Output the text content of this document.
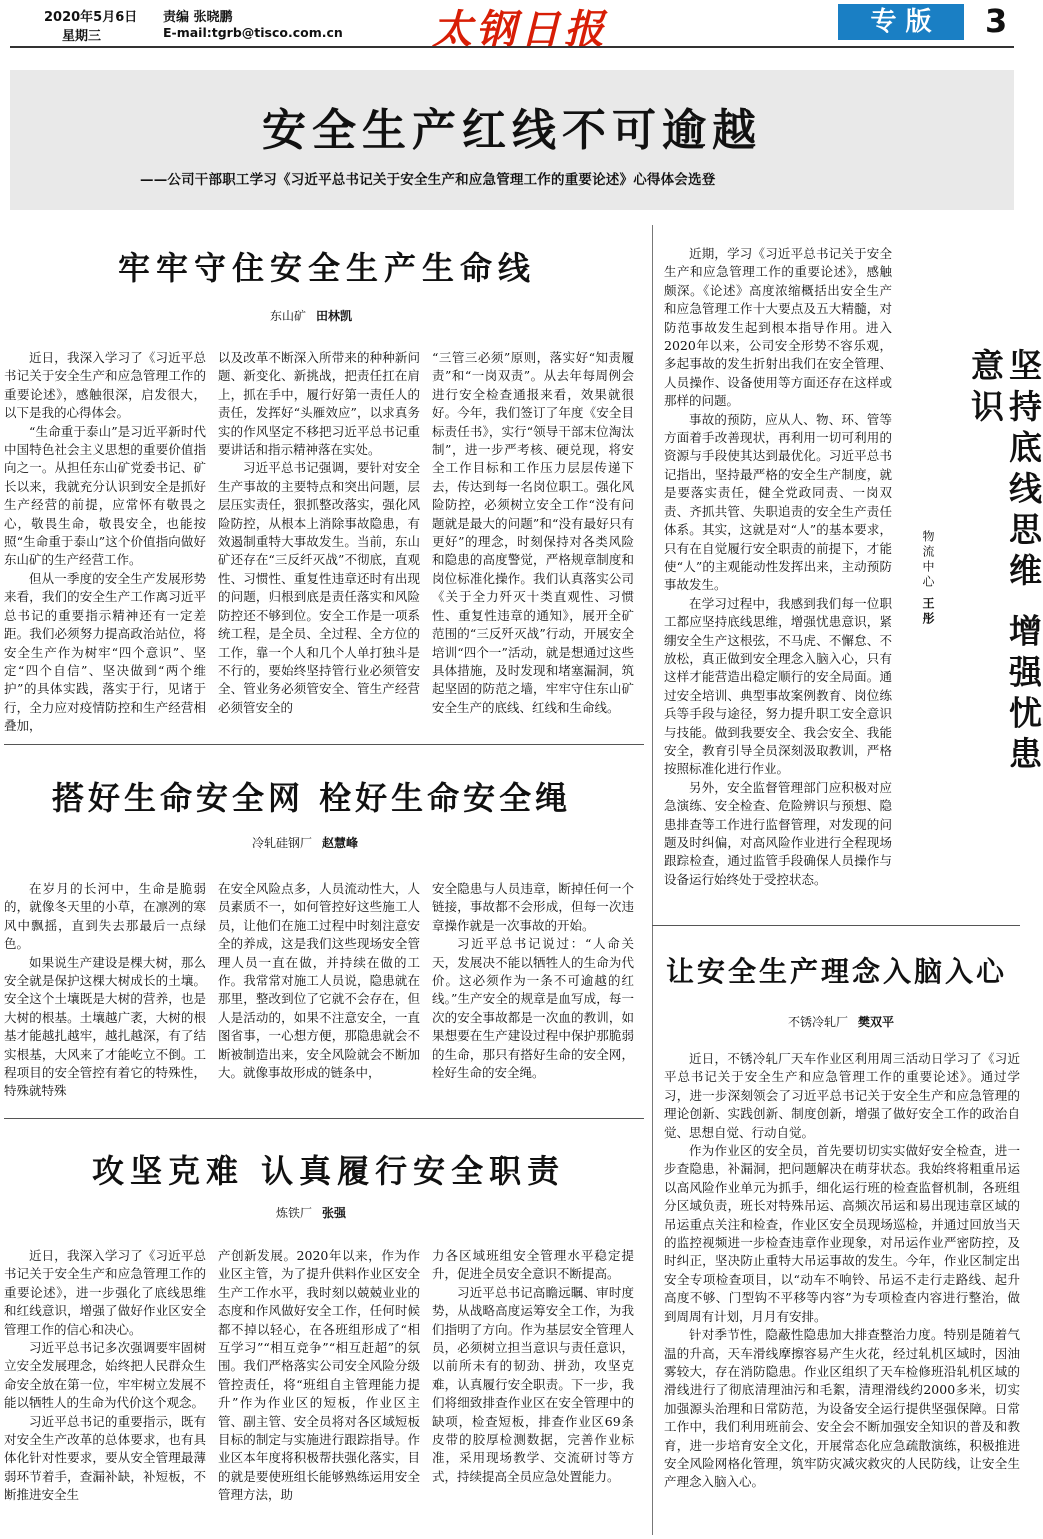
2020年5月6日
星期三
责编 张晓鹏
E-mail:tgrb@tisco.com.cn 太钢日报	专 版	3
安全生产红线不可逾越
——公司干部职工学习《习近平总书记关于安全生产和应急管理工作的重要论述》心得体会选登
牢牢守住安全生产生命线
东山矿 田林凯

近日，我深入学习了《习近平总书记关于安全生产和应急管理工作的重要论述》，感触很深，启发很大，以下是我的心得体会。

“生命重于泰山”是习近平新时代中国特色社会主义思想的重要价值指向之一。从担任东山矿党委书记、矿长以来，我就充分认识到安全是抓好生产经营的前提，应常怀有敬畏之心，敬畏生命，敬畏安全，也能按照“生命重于泰山”这个价值指向做好东山矿的生产经营工作。

但从一季度的安全生产发展形势来看，我们的安全生产工作离习近平总书记的重要指示精神还有一定差距。我们必须努力提高政治站位，将安全生产作为树牢“四个意识”、坚定“四个自信”、坚决做到“两个维护”的具体实践，落实于行，见诸于行，全力应对疫情防控和生产经营相叠加，

以及改革不断深入所带来的种种新问题、新变化、新挑战，把责任扛在肩上，抓在手中，履行好第一责任人的责任，发挥好“头雁效应”，以求真务实的作风坚定不移把习近平总书记重要讲话和指示精神落在实处。

习近平总书记强调，要针对安全生产事故的主要特点和突出问题，层层压实责任，狠抓整改落实，强化风险防控，从根本上消除事故隐患，有效遏制重特大事故发生。当前，东山矿还存在“三反纤灭战”不彻底，直观性、习惯性、重复性违章还时有出现的问题，归根到底是责任落实和风险防控还不够到位。安全工作是一项系统工程，是全员、全过程、全方位的工作，靠一个人和几个人单打独斗是不行的，要始终坚持管行业必须管安全、管业务必须管安全、管生产经营必须管安全的

“三管三必须”原则，落实好“知责履责”和“一岗双责”。从去年每周例会进行安全检查通报来看，效果就很好。今年，我们签订了年度《安全目标责任书》，实行“领导干部末位淘汰制”，进一步严考核、硬兑现，将安全工作目标和工作压力层层传递下去，传达到每一名岗位职工。强化风险防控，必须树立安全工作“没有问题就是最大的问题”和“没有最好只有更好”的理念，时刻保持对各类风险和隐患的高度警觉，严格规章制度和岗位标准化操作。我们认真落实公司《关于全力歼灭十类直观性、习惯性、重复性违章的通知》，展开全矿范围的“三反歼灭战”行动，开展安全培训“四个一”活动，就是想通过这些具体措施，及时发现和堵塞漏洞，筑起坚固的防范之墙，牢牢守住东山矿安全生产的底线、红线和生命线。

搭好生命安全网 栓好生命安全绳
冷轧硅钢厂 赵慧峰

在岁月的长河中，生命是脆弱的，就像冬天里的小草，在凛冽的寒风中飘摇，直到失去那最后一点绿色。

如果说生产建设是棵大树，那么安全就是保护这棵大树成长的土壤。安全这个土壤既是大树的营养，也是大树的根基。土壤越广袤，大树的根基才能越扎越牢，越扎越深，有了结实根基，大风来了才能屹立不倒。工程项目的安全管控有着它的特殊性，特殊就特殊

在安全风险点多，人员流动性大，人员素质不一，如何管控好这些施工人员，让他们在施工过程中时刻注意安全的养成，这是我们这些现场安全管理人员一直在做，并持续在做的工作。我常常对施工人员说，隐患就在那里，整改到位了它就不会存在，但人是活动的，如果不注意安全，一直图省事，一心想方便，那隐患就会不断被制造出来，安全风险就会不断加大。就像事故形成的链条中，

安全隐患与人员违章，断掉任何一个链接，事故都不会形成，但每一次违章操作就是一次事故的开始。

习近平总书记说过：“人命关天，发展决不能以牺牲人的生命为代价。这必须作为一条不可逾越的红线。”生产安全的规章是血写成，每一次的安全事故都是一次血的教训，如果想要在生产建设过程中保护那脆弱的生命，那只有搭好生命的安全网，栓好生命的安全绳。

攻坚克难 认真履行安全职责
炼铁厂 张强

近日，我深入学习了《习近平总书记关于安全生产和应急管理工作的重要论述》，进一步强化了底线思维和红线意识，增强了做好作业区安全管理工作的信心和决心。

习近平总书记多次强调要牢固树立安全发展理念，始终把人民群众生命安全放在第一位，牢牢树立发展不能以牺牲人的生命为代价这个观念。

习近平总书记的重要指示，既有对安全生产改革的总体要求，也有具体化针对性要求，要从安全管理最薄弱环节着手，查漏补缺，补短板，不断推进安全生

产创新发展。2020年以来，作为作业区主管，为了提升供料作业区安全生产工作水平，我时刻以兢兢业业的态度和作风做好安全工作，任何时候都不掉以轻心，在各班组形成了“相互学习”“相互竞争”“相互赶超”的氛围。我们严格落实公司安全风险分级管控责任，将“班组自主管理能力提升”作为作业区的短板，作业区主管、副主管、安全员将对各区域短板目标的制定与实施进行跟踪指导。作业区本年度将积极帮扶强化落实，目的就是要使班组长能够熟练运用安全管理方法，助

力各区域班组安全管理水平稳定提升，促进全员安全意识不断提高。

习近平总书记高瞻远瞩、审时度势，从战略高度运筹安全工作，为我们指明了方向。作为基层安全管理人员，必须树立担当意识与责任意识，以前所未有的韧劲、拼劲，攻坚克难，认真履行安全职责。下一步，我们将细致排查作业区在安全管理中的缺项，检查短板，排查作业区69条皮带的胶厚检测数据，完善作业标准，采用现场教学、交流研讨等方式，持续提高全员应急处置能力。

近期，学习《习近平总书记关于安全生产和应急管理工作的重要论述》，感触颇深。《论述》高度浓缩概括出安全生产和应急管理工作十大要点及五大精髓，对防范事故发生起到根本指导作用。进入2020年以来，公司安全形势不容乐观，多起事故的发生折射出我们在安全管理、人员操作、设备使用等方面还存在这样或那样的问题。

事故的预防，应从人、物、环、管等方面着手改善现状，再利用一切可利用的资源与手段使其达到最优化。习近平总书记指出，坚持最严格的安全生产制度，就是要落实责任，健全党政同责、一岗双责、齐抓共管、失职追责的安全生产责任体系。其实，这就是对“人”的基本要求，只有在自觉履行安全职责的前提下，才能使“人”的主观能动性发挥出来，主动预防事故发生。

在学习过程中，我感到我们每一位职工都应坚持底线思维，增强忧患意识，紧绷安全生产这根弦，不马虎、不懈怠、不放松，真正做到安全理念入脑入心，只有这样才能营造出稳定顺行的安全局面。通过安全培训、典型事故案例教育、岗位练兵等手段与途径，努力提升职工安全意识与技能。做到我要安全、我会安全、我能安全，教育引导全员深刻汲取教训，严格按照标准化进行作业。

另外，安全监督管理部门应积极对应急演练、安全检查、危险辨识与预想、隐患排查等工作进行监督管理，对发现的问题及时纠偏，对高风险作业进行全程现场跟踪检查，通过监管手段确保人员操作与设备运行始终处于受控状态。

物流中心 王彤	坚持底线思维 增强忧患意识
让安全生产理念入脑入心
不锈冷轧厂 樊双平

近日，不锈冷轧厂天车作业区利用周三活动日学习了《习近平总书记关于安全生产和应急管理工作的重要论述》。通过学习，进一步深刻领会了习近平总书记关于安全生产和应急管理的理论创新、实践创新、制度创新，增强了做好安全工作的政治自觉、思想自觉、行动自觉。

作为作业区的安全员，首先要切切实实做好安全检查，进一步查隐患，补漏洞，把问题解决在萌芽状态。我始终将粗重吊运以高风险作业单元为抓手，细化运行班的检查监督机制，各班组分区域负责，班长对特殊吊运、高频次吊运和易出现违章区域的吊运重点关注和检查，作业区安全员现场巡检，并通过回放当天的监控视频进一步检查违章作业现象，对吊运作业严密防控，及时纠正，坚决防止重特大吊运事故的发生。今年，作业区制定出安全专项检查项目，以“动车不响铃、吊运不走行走路线、起升高度不够、门型钩不平移等内容”为专项检查内容进行整治，做到周周有计划，月月有安排。

针对季节性，隐蔽性隐患加大排查整治力度。特别是随着气温的升高，天车滑线摩擦容易产生火花，经过轧机区域时，因油雾较大，存在消防隐患。作业区组织了天车检修班沿轧机区域的滑线进行了彻底清理油污和毛絮，清理滑线约2000多米，切实加强源头治理和日常防范，为设备安全运行提供坚强保障。日常工作中，我们利用班前会、安全会不断加强安全知识的普及和教育，进一步培育安全文化，开展常态化应急疏散演练，积极推进安全风险网格化管理，筑牢防灾减灾救灾的人民防线，让安全生产理念入脑入心。
